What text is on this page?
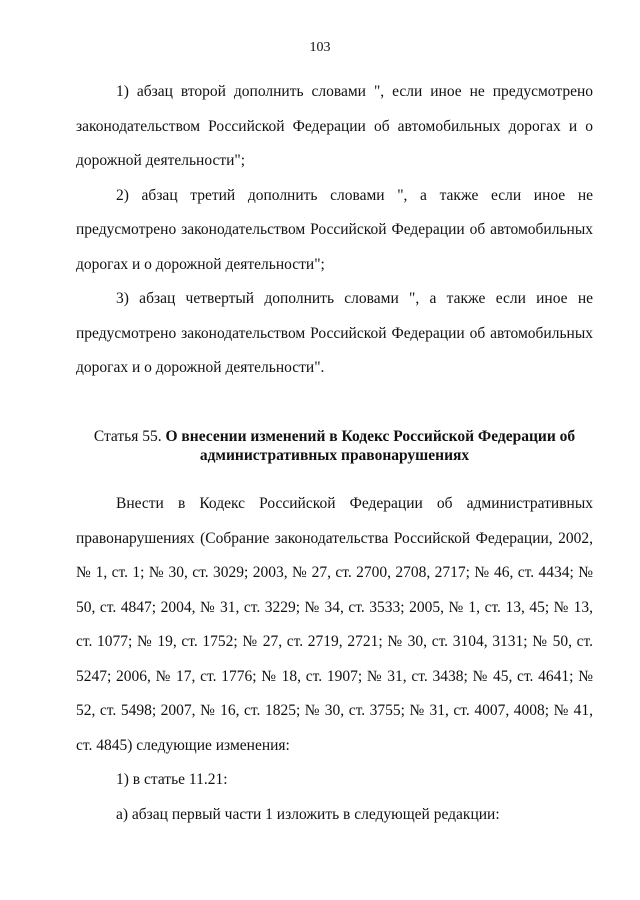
103

1) абзац второй дополнить словами ", если иное не предусмотрено законодательством Российской Федерации об автомобильных дорогах и о дорожной деятельности";

2) абзац третий дополнить словами ", а также если иное не предусмотрено законодательством Российской Федерации об автомобильных дорогах и о дорожной деятельности";

3) абзац четвертый дополнить словами ", а также если иное не предусмотрено законодательством Российской Федерации об автомобильных дорогах и о дорожной деятельности".

Статья 55. О внесении изменений в Кодекс Российской Федерации об административных правонарушениях

Внести в Кодекс Российской Федерации об административных правонарушениях (Собрание законодательства Российской Федерации, 2002, № 1, ст. 1; № 30, ст. 3029; 2003, № 27, ст. 2700, 2708, 2717; № 46, ст. 4434; № 50, ст. 4847; 2004, № 31, ст. 3229; № 34, ст. 3533; 2005, № 1, ст. 13, 45; № 13, ст. 1077; № 19, ст. 1752; № 27, ст. 2719, 2721; № 30, ст. 3104, 3131; № 50, ст. 5247; 2006, № 17, ст. 1776; № 18, ст. 1907; № 31, ст. 3438; № 45, ст. 4641; № 52, ст. 5498; 2007, № 16, ст. 1825; № 30, ст. 3755; № 31, ст. 4007, 4008; № 41, ст. 4845) следующие изменения:

1) в статье 11.21:

а) абзац первый части 1 изложить в следующей редакции:
